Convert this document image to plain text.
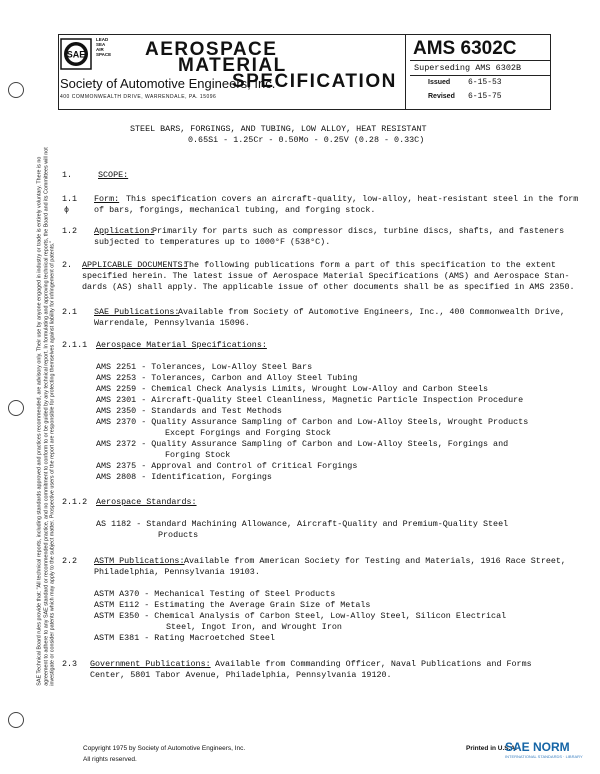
SAE
LEAD
SEA
AIR
SPACE	AEROSPACE
MATERIAL
SPECIFICATION
Society of Automotive Engineers, Inc.
400 COMMONWEALTH DRIVE, WARRENDALE, PA. 15096
AMS 6302C
Superseding AMS 6302B
Issued 6-15-53
Revised 6-15-75
SAE Technical Board rules provide that: "All technical reports, including standards approved and practices recommended, are advisory only. Their use by anyone engaged in industry or trade is entirely voluntary. There is no agreement to adhere to any SAE standard or recommended practice, and no commitment to conform to or be guided by any technical report. In formulating and approving technical reports, the Board and its Committees will not investigate or consider patents which may apply to the subject matter. Prospective users of the report are responsible for protecting themselves against liability for infringement of patents."
STEEL BARS, FORGINGS, AND TUBING, LOW ALLOY, HEAT RESISTANT
0.65Si - 1.25Cr - 0.50Mo - 0.25V (0.28 - 0.33C)
1.	SCOPE:
1.1
ϕ
Form: This specification covers an aircraft-quality, low-alloy, heat-resistant steel in the form
of bars, forgings, mechanical tubing, and forging stock.
1.2 Application:
Primarily for parts such as compressor discs, turbine discs, shafts, and fasteners
subjected to temperatures up to 1000°F (538°C).
2. APPLICABLE DOCUMENTS:
The following publications form a part of this specification to the extent
specified herein. The latest issue of Aerospace Material Specifications (AMS) and Aerospace Stan-
dards (AS) shall apply. The applicable issue of other documents shall be as specified in AMS 2350.
2.1 SAE Publications:
Available from Society of Automotive Engineers, Inc., 400 Commonwealth Drive,
Warrendale, Pennsylvania 15096.
2.1.1 Aerospace Material Specifications:
AMS 2251 - Tolerances, Low-Alloy Steel Bars
AMS 2253 - Tolerances, Carbon and Alloy Steel Tubing
AMS 2259 - Chemical Check Analysis Limits, Wrought Low-Alloy and Carbon Steels
AMS 2301 - Aircraft-Quality Steel Cleanliness, Magnetic Particle Inspection Procedure
AMS 2350 - Standards and Test Methods
AMS 2370 - Quality Assurance Sampling of Carbon and Low-Alloy Steels, Wrought Products
Except Forgings and Forging Stock
AMS 2372 - Quality Assurance Sampling of Carbon and Low-Alloy Steels, Forgings and
Forging Stock
AMS 2375 - Approval and Control of Critical Forgings
AMS 2808 - Identification, Forgings
2.1.2 Aerospace Standards:
AS 1182 - Standard Machining Allowance, Aircraft-Quality and Premium-Quality Steel
Products
2.2 ASTM Publications: Available from American Society for Testing and Materials, 1916 Race Street,
Philadelphia, Pennsylvania 19103.
ASTM A370 - Mechanical Testing of Steel Products
ASTM E112 - Estimating the Average Grain Size of Metals
ASTM E350 - Chemical Analysis of Carbon Steel, Low-Alloy Steel, Silicon Electrical
Steel, Ingot Iron, and Wrought Iron
ASTM E381 - Rating Macroetched Steel
2.3 Government Publications: Available from Commanding Officer, Naval Publications and Forms
Center, 5801 Tabor Avenue, Philadelphia, Pennsylvania 19120.
Copyright 1975 by Society of Automotive Engineers, Inc.
All rights reserved.
Printed in U.S.A.
SAE NORM
INTERNATIONAL STANDARDS · LIBRARY
